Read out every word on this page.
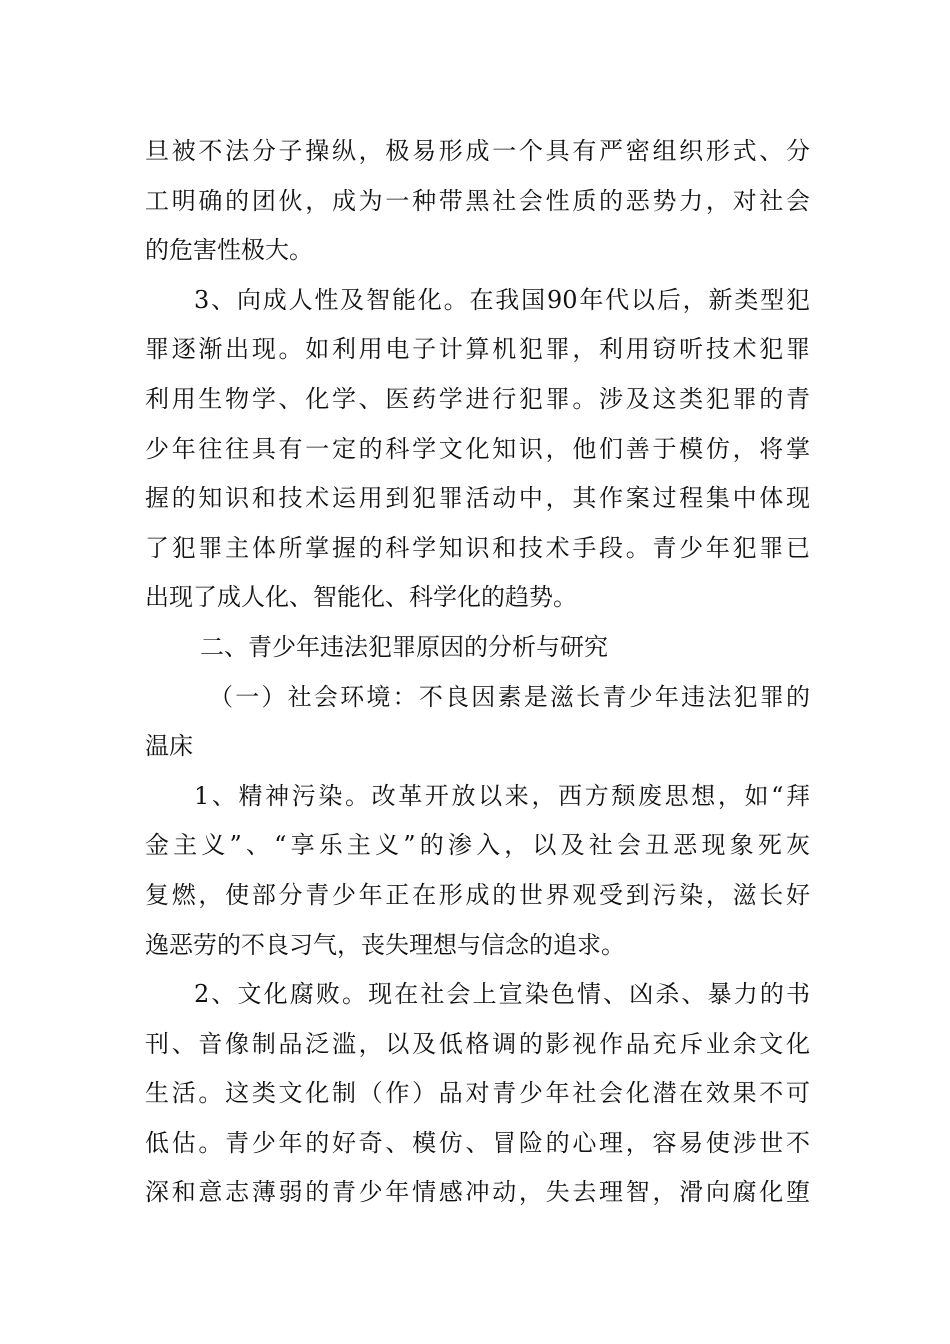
旦被不法分子操纵，极易形成一个具有严密组织形式、分
工明确的团伙，成为一种带黑社会性质的恶势力，对社会
的危害性极大。
3、向成人性及智能化。在我国90年代以后，新类型犯
罪逐渐出现。如利用电子计算机犯罪，利用窃听技术犯罪
利用生物学、化学、医药学进行犯罪。涉及这类犯罪的青
少年往往具有一定的科学文化知识，他们善于模仿，将掌
握的知识和技术运用到犯罪活动中，其作案过程集中体现
了犯罪主体所掌握的科学知识和技术手段。青少年犯罪已
出现了成人化、智能化、科学化的趋势。
二、青少年违法犯罪原因的分析与研究
（一）社会环境：不良因素是滋长青少年违法犯罪的
温床
1、精神污染。改革开放以来，西方颓废思想，如“拜
金主义”、“享乐主义”的渗入，以及社会丑恶现象死灰
复燃，使部分青少年正在形成的世界观受到污染，滋长好
逸恶劳的不良习气，丧失理想与信念的追求。
2、文化腐败。现在社会上宣染色情、凶杀、暴力的书
刊、音像制品泛滥，以及低格调的影视作品充斥业余文化
生活。这类文化制（作）品对青少年社会化潜在效果不可
低估。青少年的好奇、模仿、冒险的心理，容易使涉世不
深和意志薄弱的青少年情感冲动，失去理智，滑向腐化堕
